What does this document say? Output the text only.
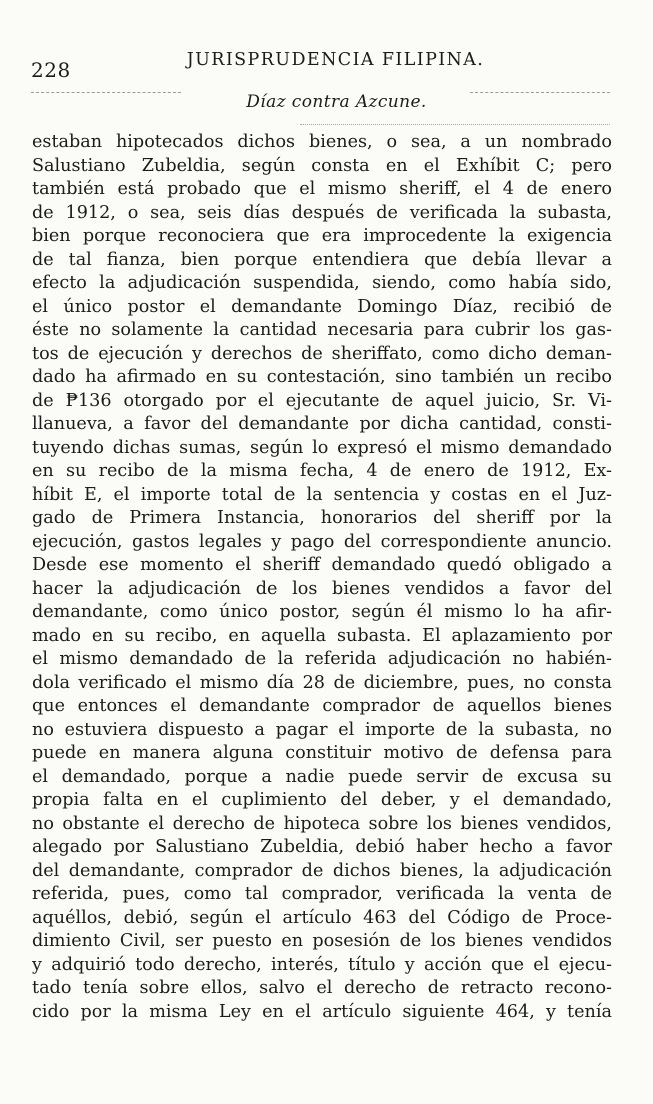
228	JURISPRUDENCIA FILIPINA.
Díaz contra Azcune.
estaban hipotecados dichos bienes, o sea, a un nombrado
Salustiano Zubeldia, según consta en el Exhíbit C; pero
también está probado que el mismo sheriff, el 4 de enero
de 1912, o sea, seis días después de verificada la subasta,
bien porque reconociera que era improcedente la exigencia
de tal fianza, bien porque entendiera que debía llevar a
efecto la adjudicación suspendida, siendo, como había sido,
el único postor el demandante Domingo Díaz, recibió de
éste no solamente la cantidad necesaria para cubrir los gas-
tos de ejecución y derechos de sheriffato, como dicho deman-
dado ha afirmado en su contestación, sino también un recibo
de ₱136 otorgado por el ejecutante de aquel juicio, Sr. Vi-
llanueva, a favor del demandante por dicha cantidad, consti-
tuyendo dichas sumas, según lo expresó el mismo demandado
en su recibo de la misma fecha, 4 de enero de 1912, Ex-
híbit E, el importe total de la sentencia y costas en el Juz-
gado de Primera Instancia, honorarios del sheriff por la
ejecución, gastos legales y pago del correspondiente anuncio.
Desde ese momento el sheriff demandado quedó obligado a
hacer la adjudicación de los bienes vendidos a favor del
demandante, como único postor, según él mismo lo ha afir-
mado en su recibo, en aquella subasta. El aplazamiento por
el mismo demandado de la referida adjudicación no habién-
dola verificado el mismo día 28 de diciembre, pues, no consta
que entonces el demandante comprador de aquellos bienes
no estuviera dispuesto a pagar el importe de la subasta, no
puede en manera alguna constituir motivo de defensa para
el demandado, porque a nadie puede servir de excusa su
propia falta en el cuplimiento del deber, y el demandado,
no obstante el derecho de hipoteca sobre los bienes vendidos,
alegado por Salustiano Zubeldia, debió haber hecho a favor
del demandante, comprador de dichos bienes, la adjudicación
referida, pues, como tal comprador, verificada la venta de
aquéllos, debió, según el artículo 463 del Código de Proce-
dimiento Civil, ser puesto en posesión de los bienes vendidos
y adquirió todo derecho, interés, título y acción que el ejecu-
tado tenía sobre ellos, salvo el derecho de retracto recono-
cido por la misma Ley en el artículo siguiente 464, y tenía
